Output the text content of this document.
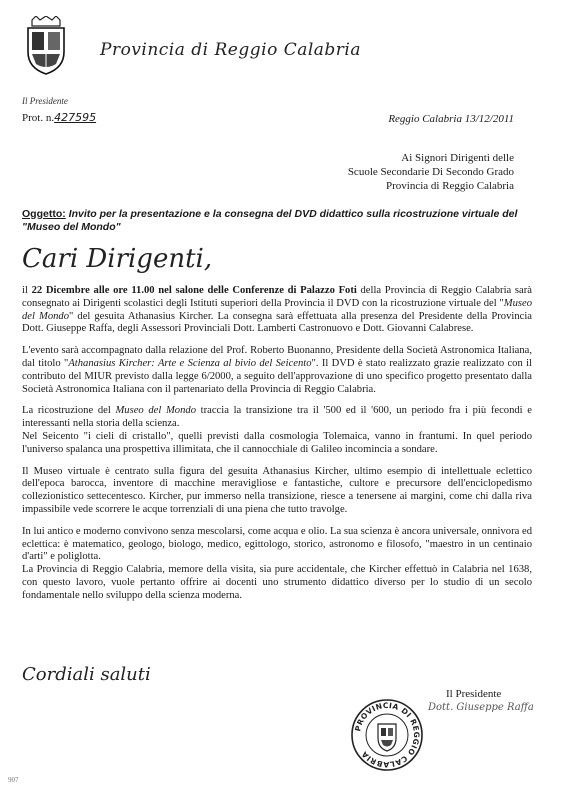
Provincia di Reggio Calabria
Il Presidente
Prot. n.427595	Reggio Calabria 13/12/2011
Ai Signori Dirigenti delle
Scuole Secondarie Di Secondo Grado
Provincia di Reggio Calabria
Oggetto: Invito per la presentazione e la consegna del DVD didattico sulla ricostruzione virtuale del "Museo del Mondo"
Cari Dirigenti,

il 22 Dicembre alle ore 11.00 nel salone delle Conferenze di Palazzo Foti della Provincia di Reggio Calabria sarà consegnato ai Dirigenti scolastici degli Istituti superiori della Provincia il DVD con la ricostruzione virtuale del "Museo del Mondo" del gesuita Athanasius Kircher. La consegna sarà effettuata alla presenza del Presidente della Provincia Dott. Giuseppe Raffa, degli Assessori Provinciali Dott. Lamberti Castronuovo e Dott. Giovanni Calabrese.

L'evento sarà accompagnato dalla relazione del Prof. Roberto Buonanno, Presidente della Società Astronomica Italiana, dal titolo "Athanasius Kircher: Arte e Scienza al bivio del Seicento". Il DVD è stato realizzato grazie realizzato con il contributo del MIUR previsto dalla legge 6/2000, a seguito dell'approvazione di uno specifico progetto presentato dalla Società Astronomica Italiana con il partenariato della Provincia di Reggio Calabria.

La ricostruzione del Museo del Mondo traccia la transizione tra il '500 ed il '600, un periodo fra i più fecondi e interessanti nella storia della scienza.
Nel Seicento "i cieli di cristallo", quelli previsti dalla cosmologia Tolemaica, vanno in frantumi. In quel periodo l'universo spalanca una prospettiva illimitata, che il cannocchiale di Galileo incomincia a sondare.

Il Museo virtuale è centrato sulla figura del gesuita Athanasius Kircher, ultimo esempio di intellettuale eclettico dell'epoca barocca, inventore di macchine meravigliose e fantastiche, cultore e precursore dell'enciclopedismo collezionistico settecentesco. Kircher, pur immerso nella transizione, riesce a tenersene ai margini, come chi dalla riva impassibile vede scorrere le acque torrenziali di una piena che tutto travolge.

In lui antico e moderno convivono senza mescolarsi, come acqua e olio. La sua scienza è ancora universale, onnivora ed eclettica: è matematico, geologo, biologo, medico, egittologo, storico, astronomo e filosofo, "maestro in un centinaio d'arti" e poliglotta.

La Provincia di Reggio Calabria, memore della visita, sia pure accidentale, che Kircher effettuò in Calabria nel 1638, con questo lavoro, vuole pertanto offrire ai docenti uno strumento didattico diverso per lo studio di un secolo fondamentale nello sviluppo della scienza moderna.

Cordiali saluti
Il Presidente
Dott. Giuseppe Raffa
PROVINCIA DI REGGIO CALABRIA
907
